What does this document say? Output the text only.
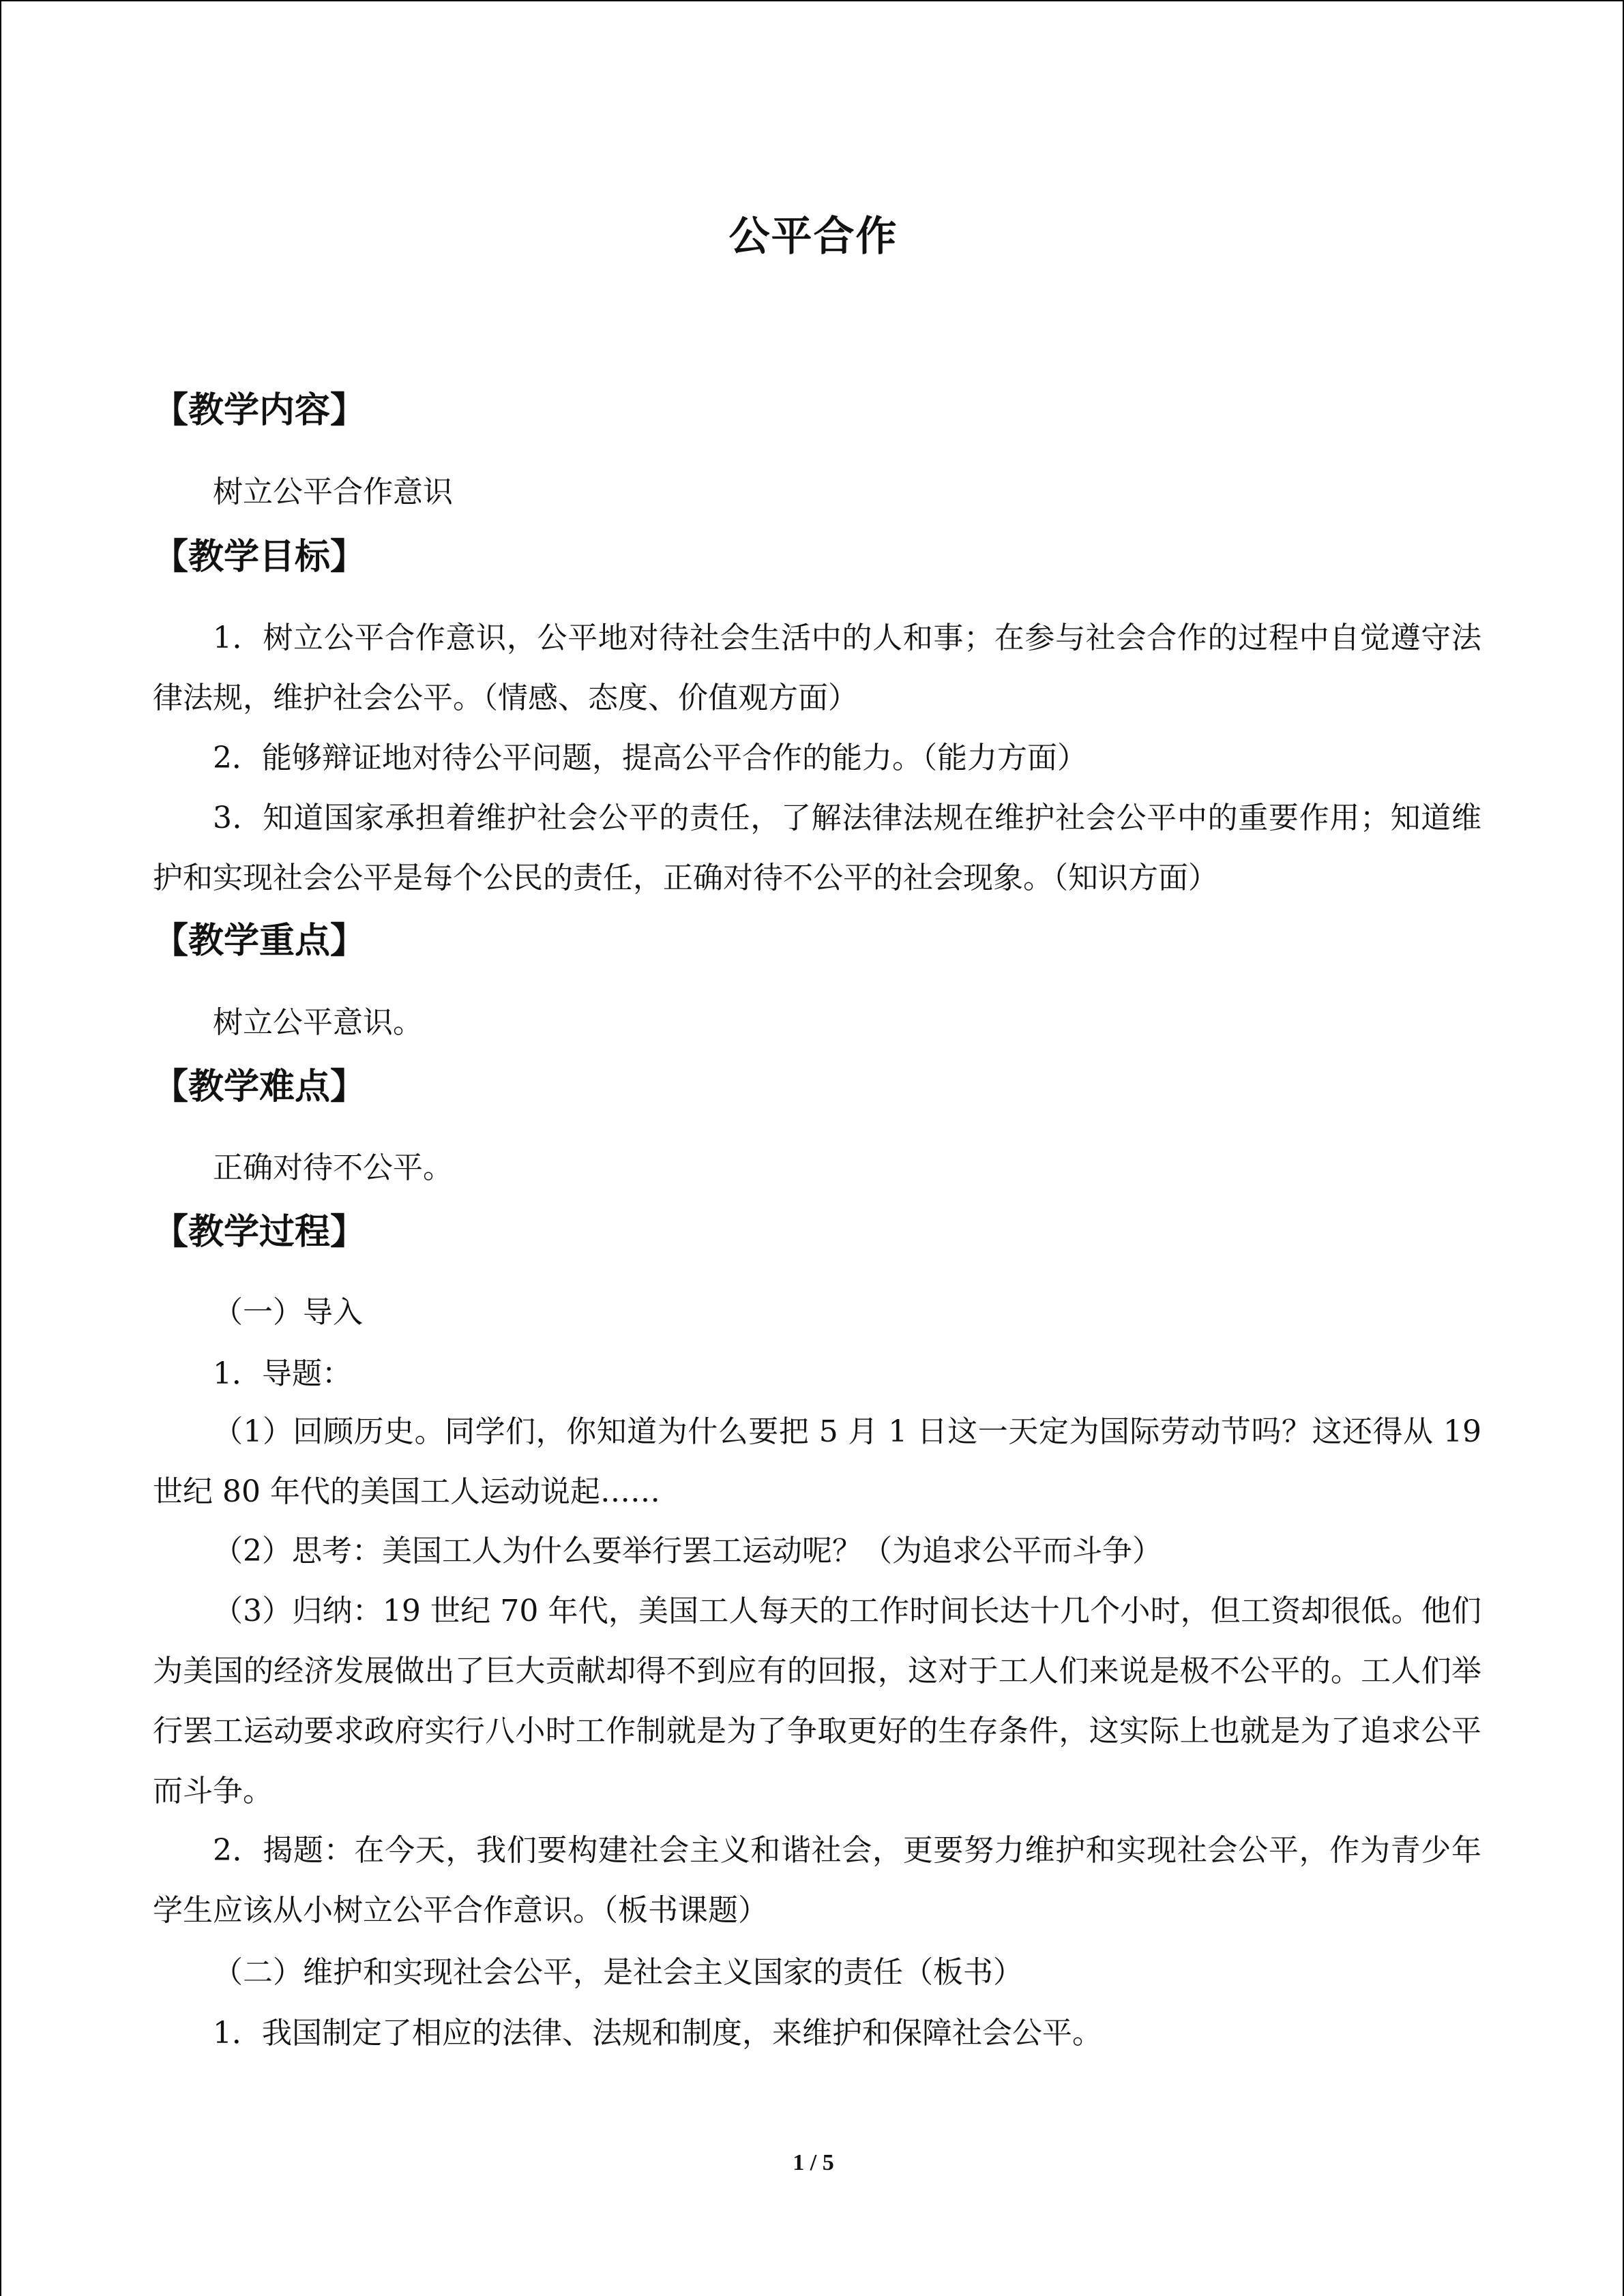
公平合作
【教学内容】
树立公平合作意识
【教学目标】
1．树立公平合作意识，公平地对待社会生活中的人和事；在参与社会合作的过程中自觉遵守法律法规，维护社会公平。（情感、态度、价值观方面）
2．能够辩证地对待公平问题，提高公平合作的能力。（能力方面）
3．知道国家承担着维护社会公平的责任，了解法律法规在维护社会公平中的重要作用；知道维护和实现社会公平是每个公民的责任，正确对待不公平的社会现象。（知识方面）
【教学重点】
树立公平意识。
【教学难点】
正确对待不公平。
【教学过程】
（一）导入
1．导题：
（1）回顾历史。同学们，你知道为什么要把 5 月 1 日这一天定为国际劳动节吗？这还得从 19 世纪 80 年代的美国工人运动说起……
（2）思考：美国工人为什么要举行罢工运动呢？（为追求公平而斗争）
（3）归纳：19 世纪 70 年代，美国工人每天的工作时间长达十几个小时，但工资却很低。他们为美国的经济发展做出了巨大贡献却得不到应有的回报，这对于工人们来说是极不公平的。工人们举行罢工运动要求政府实行八小时工作制就是为了争取更好的生存条件，这实际上也就是为了追求公平而斗争。
2．揭题：在今天，我们要构建社会主义和谐社会，更要努力维护和实现社会公平，作为青少年学生应该从小树立公平合作意识。（板书课题）
（二）维护和实现社会公平，是社会主义国家的责任（板书）
1．我国制定了相应的法律、法规和制度，来维护和保障社会公平。
1 / 5
